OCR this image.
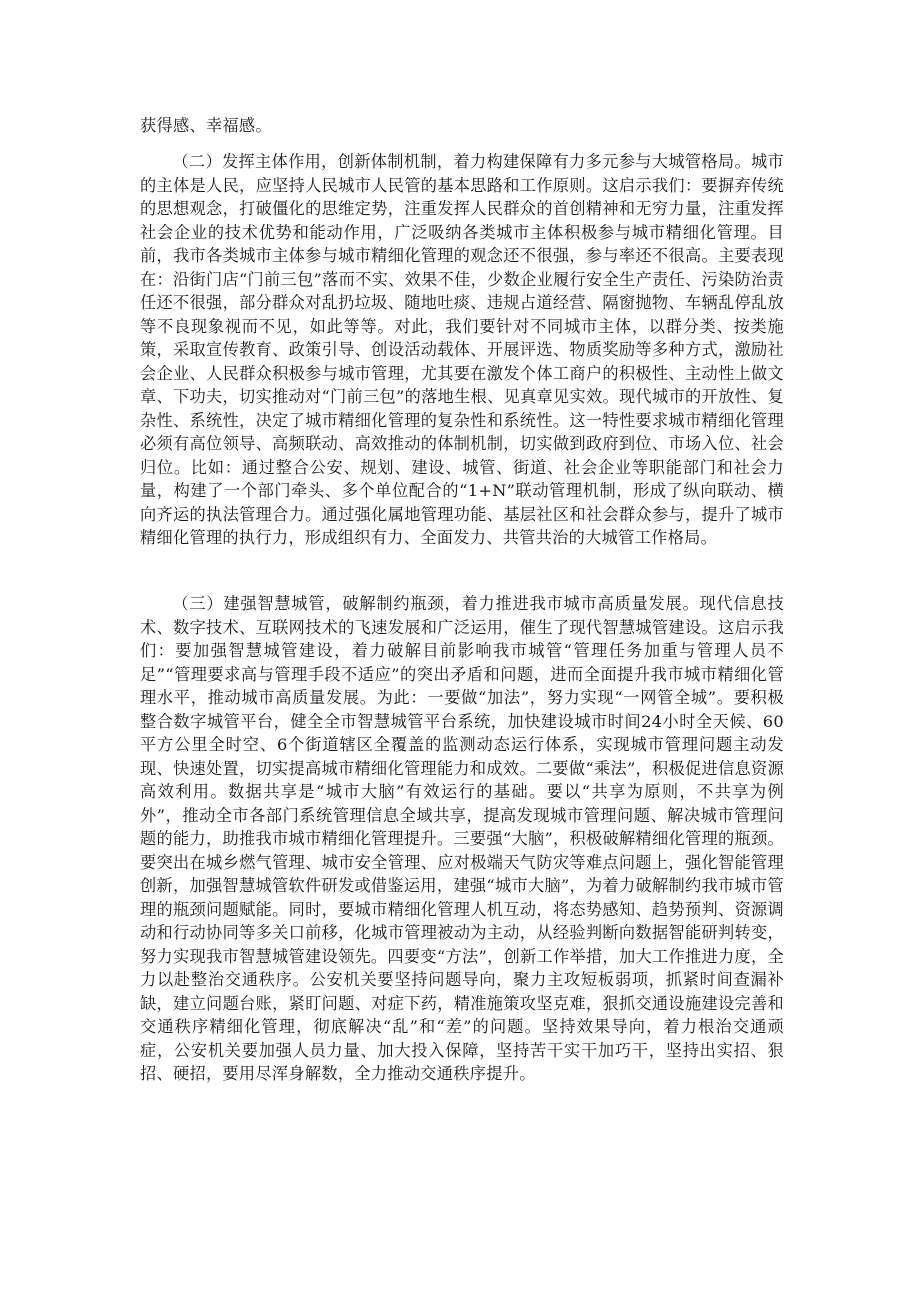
获得感、幸福感。

（二）发挥主体作用，创新体制机制，着力构建保障有力多元参与大城管格局。城市的主体是人民，应坚持人民城市人民管的基本思路和工作原则。这启示我们：要摒弃传统的思想观念，打破僵化的思维定势，注重发挥人民群众的首创精神和无穷力量，注重发挥社会企业的技术优势和能动作用，广泛吸纳各类城市主体积极参与城市精细化管理。目前，我市各类城市主体参与城市精细化管理的观念还不很强，参与率还不很高。主要表现在：沿街门店“门前三包”落而不实、效果不佳，少数企业履行安全生产责任、污染防治责任还不很强，部分群众对乱扔垃圾、随地吐痰、违规占道经营、隔窗抛物、车辆乱停乱放等不良现象视而不见，如此等等。对此，我们要针对不同城市主体，以群分类、按类施策，采取宣传教育、政策引导、创设活动载体、开展评选、物质奖励等多种方式，激励社会企业、人民群众积极参与城市管理，尤其要在激发个体工商户的积极性、主动性上做文章、下功夫，切实推动对“门前三包”的落地生根、见真章见实效。现代城市的开放性、复杂性、系统性，决定了城市精细化管理的复杂性和系统性。这一特性要求城市精细化管理必须有高位领导、高频联动、高效推动的体制机制，切实做到政府到位、市场入位、社会归位。比如：通过整合公安、规划、建设、城管、街道、社会企业等职能部门和社会力量，构建了一个部门牵头、多个单位配合的“1+N”联动管理机制，形成了纵向联动、横向齐运的执法管理合力。通过强化属地管理功能、基层社区和社会群众参与，提升了城市精细化管理的执行力，形成组织有力、全面发力、共管共治的大城管工作格局。

（三）建强智慧城管，破解制约瓶颈，着力推进我市城市高质量发展。现代信息技术、数字技术、互联网技术的飞速发展和广泛运用，催生了现代智慧城管建设。这启示我们：要加强智慧城管建设，着力破解目前影响我市城管“管理任务加重与管理人员不足”“管理要求高与管理手段不适应”的突出矛盾和问题，进而全面提升我市城市精细化管理水平，推动城市高质量发展。为此：一要做“加法”，努力实现“一网管全城”。要积极整合数字城管平台，健全全市智慧城管平台系统，加快建设城市时间24小时全天候、60平方公里全时空、6个街道辖区全覆盖的监测动态运行体系，实现城市管理问题主动发现、快速处置，切实提高城市精细化管理能力和成效。二要做“乘法”，积极促进信息资源高效利用。数据共享是“城市大脑”有效运行的基础。要以“共享为原则，不共享为例外”，推动全市各部门系统管理信息全域共享，提高发现城市管理问题、解决城市管理问题的能力，助推我市城市精细化管理提升。三要强“大脑”，积极破解精细化管理的瓶颈。要突出在城乡燃气管理、城市安全管理、应对极端天气防灾等难点问题上，强化智能管理创新，加强智慧城管软件研发或借鉴运用，建强“城市大脑”，为着力破解制约我市城市管理的瓶颈问题赋能。同时，要城市精细化管理人机互动，将态势感知、趋势预判、资源调动和行动协同等多关口前移，化城市管理被动为主动，从经验判断向数据智能研判转变，努力实现我市智慧城管建设领先。四要变“方法”，创新工作举措，加大工作推进力度，全力以赴整治交通秩序。公安机关要坚持问题导向，聚力主攻短板弱项，抓紧时间查漏补缺，建立问题台账，紧盯问题、对症下药，精准施策攻坚克难，狠抓交通设施建设完善和交通秩序精细化管理，彻底解决“乱”和“差”的问题。坚持效果导向，着力根治交通顽症，公安机关要加强人员力量、加大投入保障，坚持苦干实干加巧干，坚持出实招、狠招、硬招，要用尽浑身解数，全力推动交通秩序提升。
